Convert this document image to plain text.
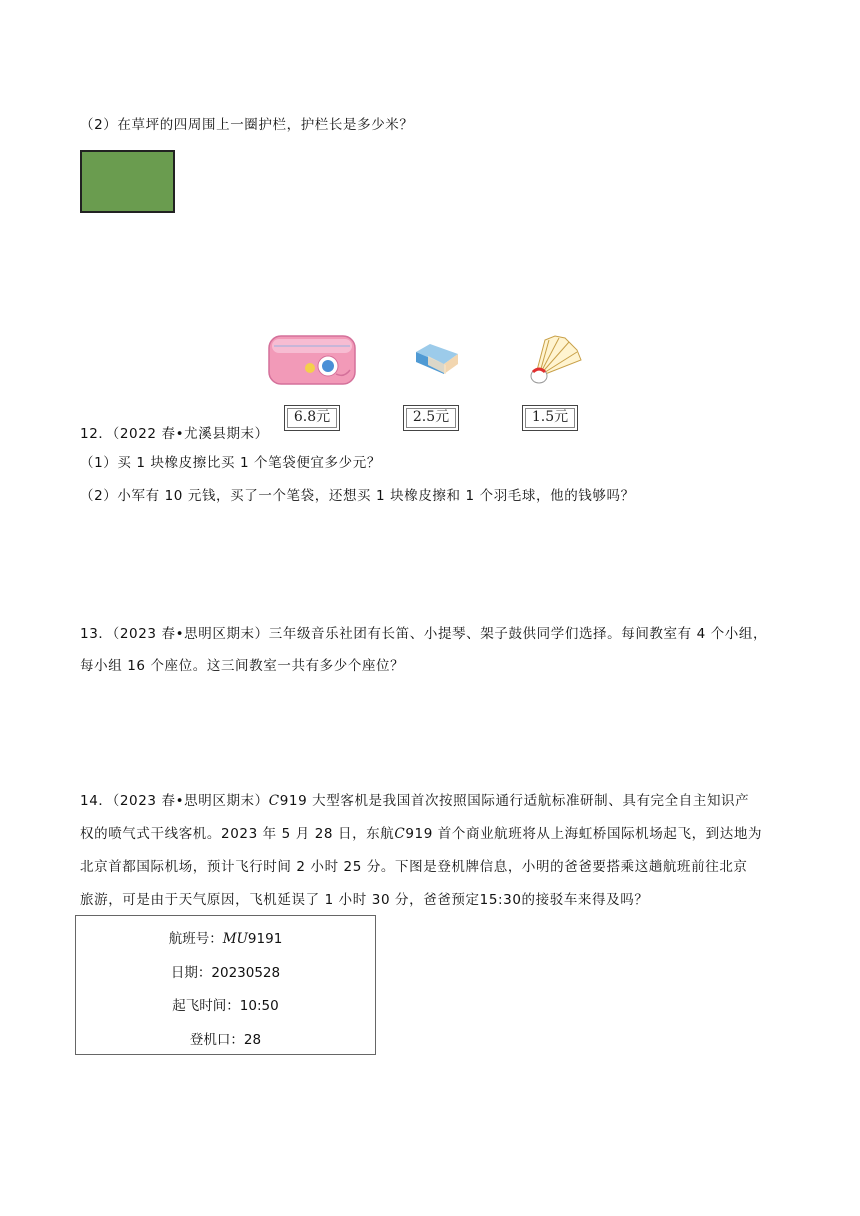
（2）在草坪的四周围上一圈护栏，护栏长是多少米？
6.8元	2.5元	1.5元
12．（2022 春•尤溪县期末）
（1）买 1 块橡皮擦比买 1 个笔袋便宜多少元？
（2）小军有 10 元钱，买了一个笔袋，还想买 1 块橡皮擦和 1 个羽毛球，他的钱够吗？
13．（2023 春•思明区期末）三年级音乐社团有长笛、小提琴、架子鼓供同学们选择。每间教室有 4 个小组，
每小组 16 个座位。这三间教室一共有多少个座位？
14．（2023 春•思明区期末）C919 大型客机是我国首次按照国际通行适航标准研制、具有完全自主知识产
权的喷气式干线客机。2023 年 5 月 28 日，东航C919 首个商业航班将从上海虹桥国际机场起飞，到达地为
北京首都国际机场，预计飞行时间 2 小时 25 分。下图是登机牌信息，小明的爸爸要搭乘这趟航班前往北京
旅游，可是由于天气原因，飞机延误了 1 小时 30 分，爸爸预定15:30的接驳车来得及吗？
航班号：MU9191
日期：20230528
起飞时间：10:50
登机口：28
